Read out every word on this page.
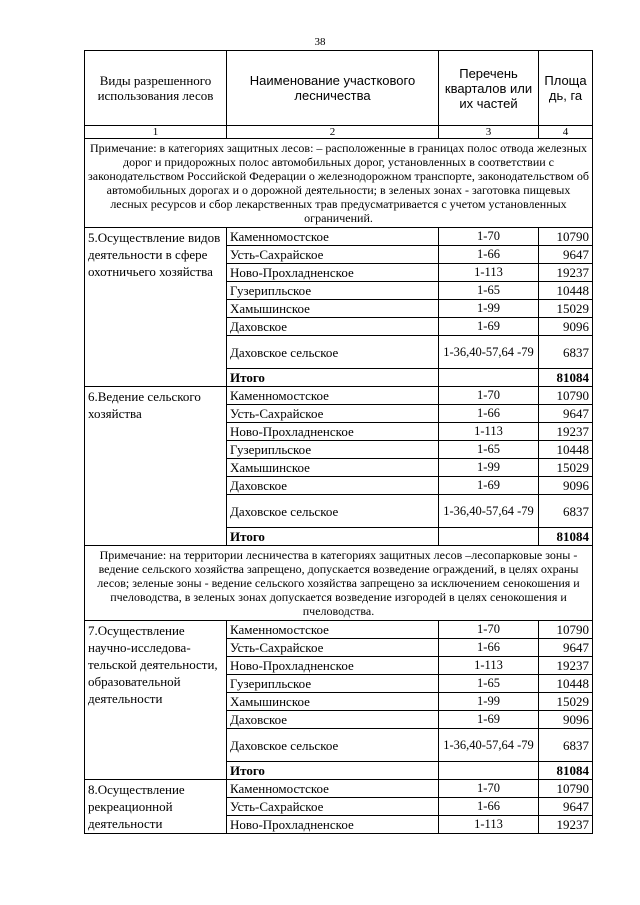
38
Виды разрешенного использования лесов	Наименование участкового лесничества	Перечень кварталов или их частей	Площа дь, га
1	2	3	4
Примечание: в категориях защитных лесов: – расположенные в границах полос отвода железных дорог и придорожных полос автомобильных дорог, установленных в соответствии с законодательством Российской Федерации о железнодорожном транспорте, законодательством об автомобильных дорогах и о дорожной деятельности; в зеленых зонах - заготовка пищевых лесных ресурсов и сбор лекарственных трав предусматривается с учетом установленных ограничений.			
5.Осуществление видов деятельности в сфере охотничьего хозяйства	Каменномостское	1-70	10790
	Усть-Сахрайское	1-66	9647
	Ново-Прохладненское	1-113	19237
	Гузерипльское	1-65	10448
	Хамышинское	1-99	15029
	Даховское	1-69	9096
	Даховское сельское	1-36,40-57,64 -79	6837
	Итого		81084
6.Ведение сельского хозяйства	Каменномостское	1-70	10790
	Усть-Сахрайское	1-66	9647
	Ново-Прохладненское	1-113	19237
	Гузерипльское	1-65	10448
	Хамышинское	1-99	15029
	Даховское	1-69	9096
	Даховское сельское	1-36,40-57,64 -79	6837
	Итого		81084
Примечание: на территории лесничества в категориях защитных лесов –лесопарковые зоны - ведение сельского хозяйства запрещено, допускается возведение ограждений, в целях охраны лесов; зеленые зоны - ведение сельского хозяйства запрещено за исключением сенокошения и пчеловодства, в зеленых зонах допускается возведение изгородей в целях сенокошения и пчеловодства.			
7.Осуществление научно-исследова-тельской деятельности, образовательной деятельности	Каменномостское	1-70	10790
	Усть-Сахрайское	1-66	9647
	Ново-Прохладненское	1-113	19237
	Гузерипльское	1-65	10448
	Хамышинское	1-99	15029
	Даховское	1-69	9096
	Даховское сельское	1-36,40-57,64 -79	6837
	Итого		81084
8.Осуществление рекреационной деятельности	Каменномостское	1-70	10790
	Усть-Сахрайское	1-66	9647
	Ново-Прохладненское	1-113	19237
